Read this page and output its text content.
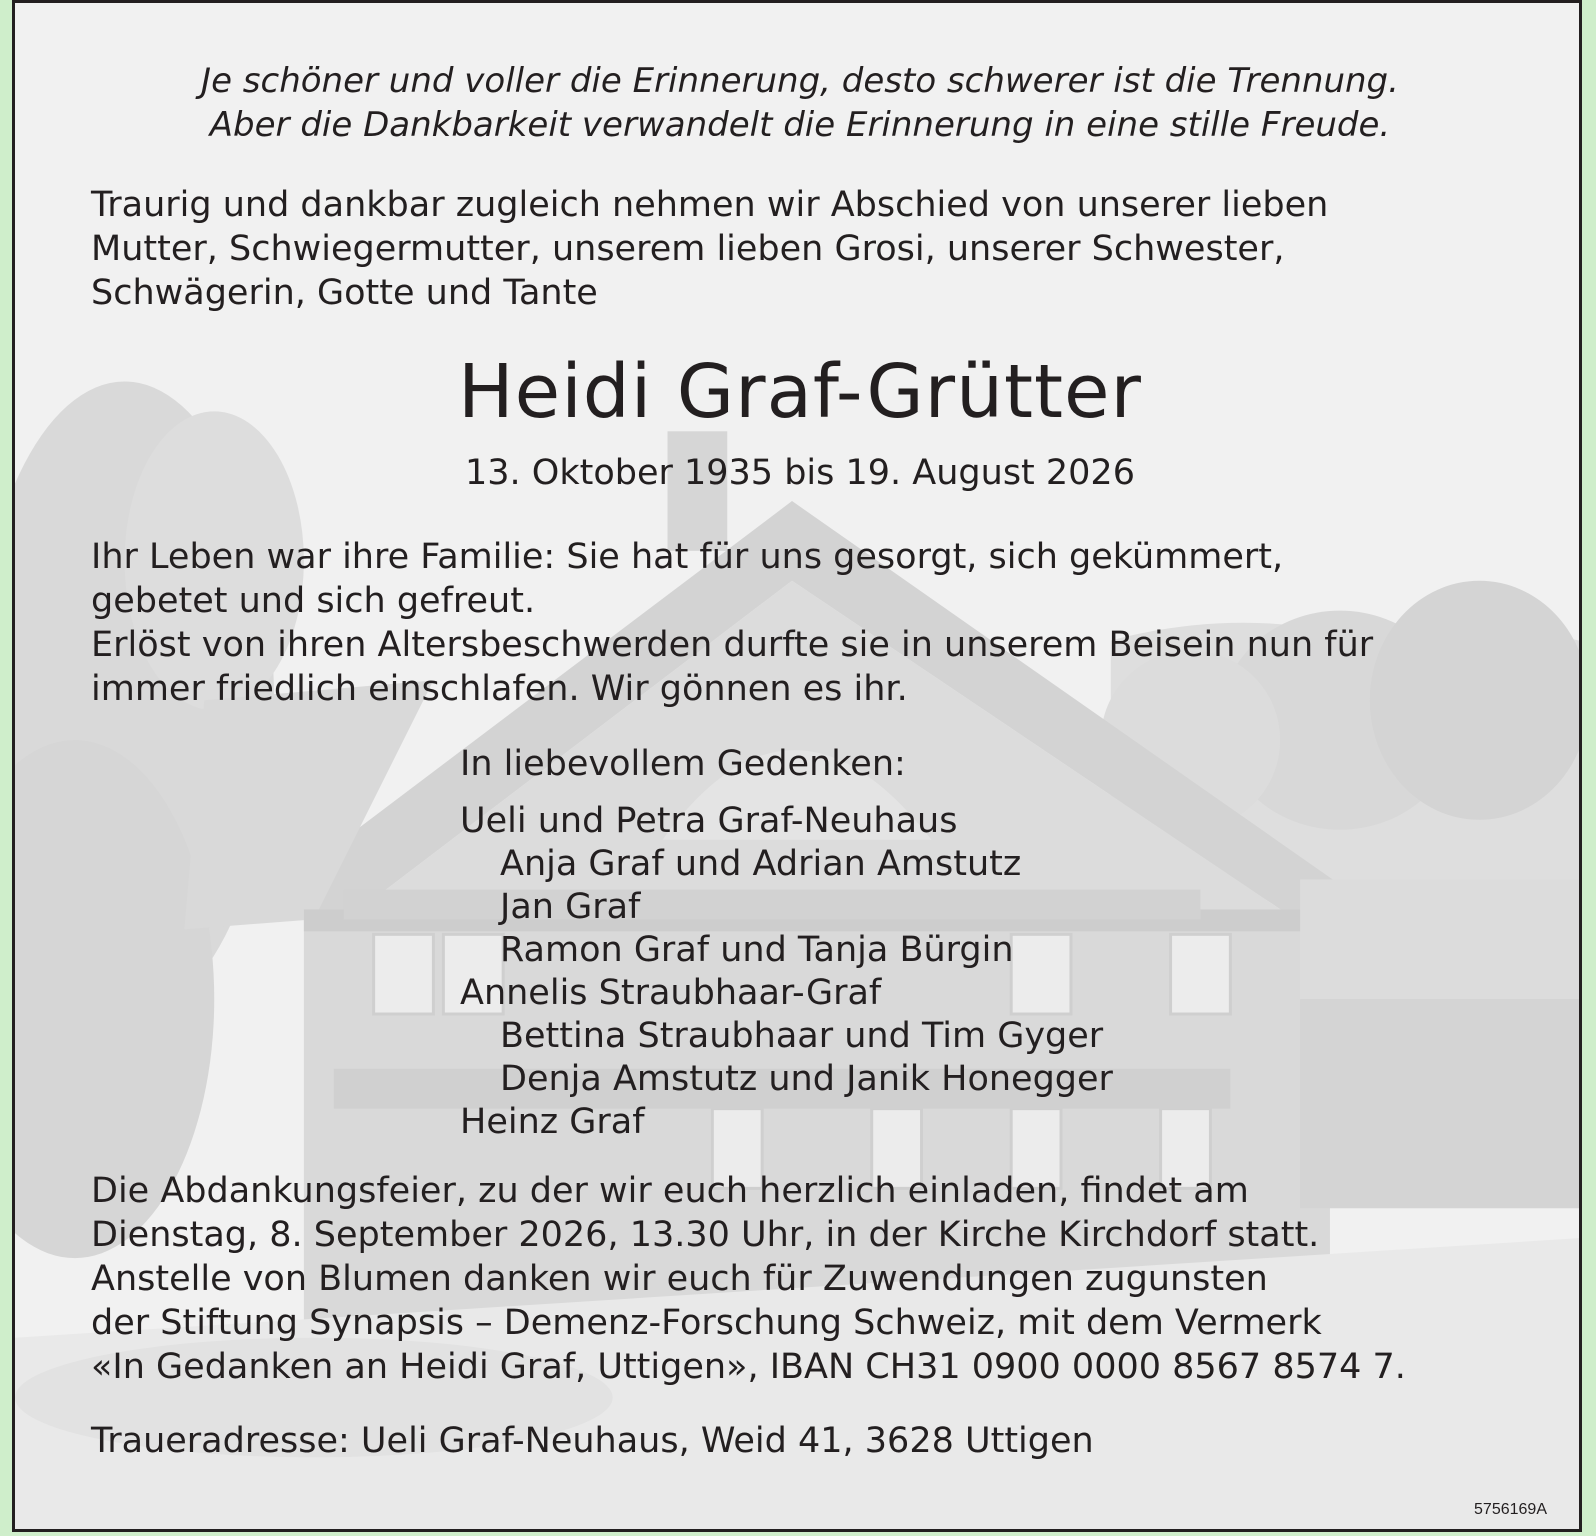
Je schöner und voller die Erinnerung, desto schwerer ist die Trennung.
Aber die Dankbarkeit verwandelt die Erinnerung in eine stille Freude.
Traurig und dankbar zugleich nehmen wir Abschied von unserer lieben
Mutter, Schwiegermutter, unserem lieben Grosi, unserer Schwester,
Schwägerin, Gotte und Tante
Heidi Graf-Grütter
13. Oktober 1935 bis 19. August 2026
Ihr Leben war ihre Familie: Sie hat für uns gesorgt, sich gekümmert,
gebetet und sich gefreut.
Erlöst von ihren Altersbeschwerden durfte sie in unserem Beisein nun für
immer friedlich einschlafen. Wir gönnen es ihr.
In liebevollem Gedenken:
Ueli und Petra Graf-Neuhaus
Anja Graf und Adrian Amstutz
Jan Graf
Ramon Graf und Tanja Bürgin
Annelis Straubhaar-Graf
Bettina Straubhaar und Tim Gyger
Denja Amstutz und Janik Honegger
Heinz Graf
Die Abdankungsfeier, zu der wir euch herzlich einladen, findet am
Dienstag, 8. September 2026, 13.30 Uhr, in der Kirche Kirchdorf statt.
Anstelle von Blumen danken wir euch für Zuwendungen zugunsten
der Stiftung Synapsis – Demenz-Forschung Schweiz, mit dem Vermerk
«In Gedanken an Heidi Graf, Uttigen», IBAN CH31 0900 0000 8567 8574 7.
Traueradresse: Ueli Graf-Neuhaus, Weid 41, 3628 Uttigen
5756169A
